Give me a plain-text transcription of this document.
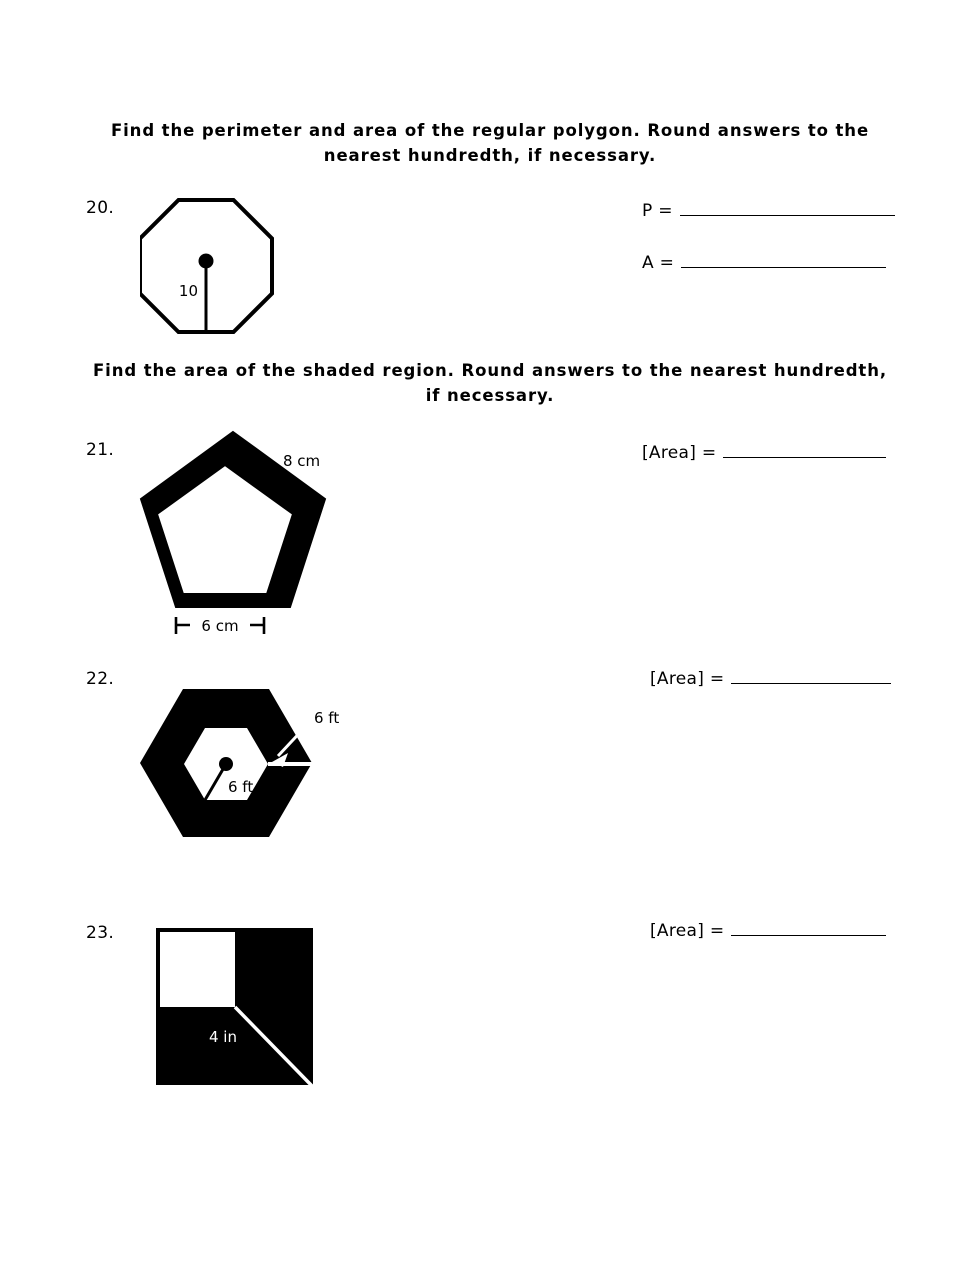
Find the perimeter and area of the regular polygon. Round answers to the nearest hundredth, if necessary.
20.
10
P =
A =
Find the area of the shaded region. Round answers to the nearest hundredth, if necessary.
21.
8 cm
6 cm
[Area] =
22.
6 ft
6 ft
[Area] =
23.
4 in
[Area] =
